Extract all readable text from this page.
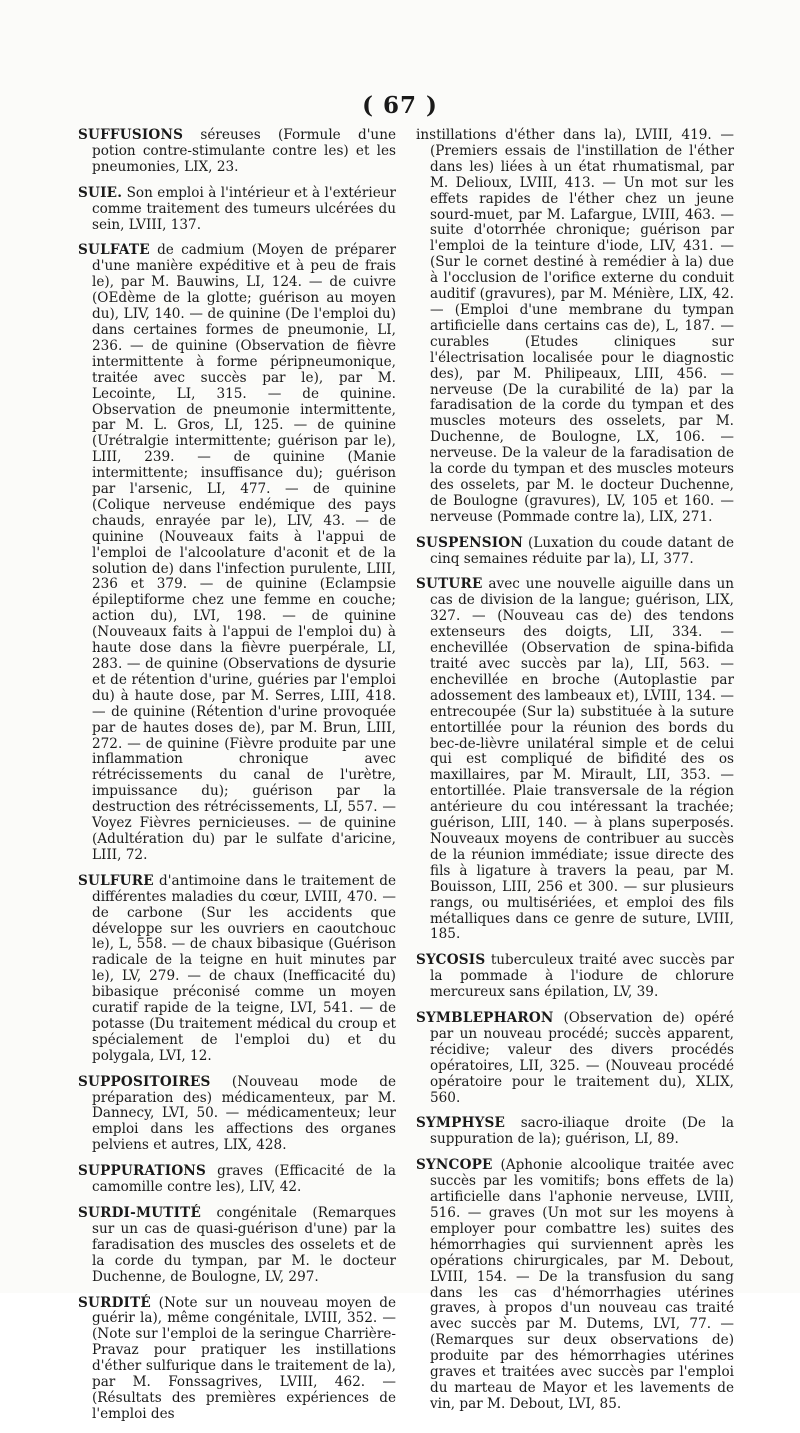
( 67 )

SUFFUSIONS séreuses (Formule d'une potion contre-stimulante contre les) et les pneumonies, LIX, 23.

SUIE. Son emploi à l'intérieur et à l'extérieur comme traitement des tumeurs ulcérées du sein, LVIII, 137.

SULFATE de cadmium (Moyen de préparer d'une manière expéditive et à peu de frais le), par M. Bauwins, LI, 124. — de cuivre (OEdème de la glotte; guérison au moyen du), LIV, 140. — de quinine (De l'emploi du) dans certaines formes de pneumonie, LI, 236. — de quinine (Observation de fièvre intermittente à forme péripneumonique, traitée avec succès par le), par M. Lecointe, LI, 315. — de quinine. Observation de pneumonie intermittente, par M. L. Gros, LI, 125. — de quinine (Urétralgie intermittente; guérison par le), LIII, 239. — de quinine (Manie intermittente; insuffisance du); guérison par l'arsenic, LI, 477. — de quinine (Colique nerveuse endémique des pays chauds, enrayée par le), LIV, 43. — de quinine (Nouveaux faits à l'appui de l'emploi de l'alcoolature d'aconit et de la solution de) dans l'infection purulente, LIII, 236 et 379. — de quinine (Eclampsie épileptiforme chez une femme en couche; action du), LVI, 198. — de quinine (Nouveaux faits à l'appui de l'emploi du) à haute dose dans la fièvre puerpérale, LI, 283. — de quinine (Observations de dysurie et de rétention d'urine, guéries par l'emploi du) à haute dose, par M. Serres, LIII, 418. — de quinine (Rétention d'urine provoquée par de hautes doses de), par M. Brun, LIII, 272. — de quinine (Fièvre produite par une inflammation chronique avec rétrécissements du canal de l'urètre, impuissance du); guérison par la destruction des rétrécissements, LI, 557. — Voyez Fièvres pernicieuses. — de quinine (Adultération du) par le sulfate d'aricine, LIII, 72.

SULFURE d'antimoine dans le traitement de différentes maladies du cœur, LVIII, 470. — de carbone (Sur les accidents que développe sur les ouvriers en caoutchouc le), L, 558. — de chaux bibasique (Guérison radicale de la teigne en huit minutes par le), LV, 279. — de chaux (Inefficacité du) bibasique préconisé comme un moyen curatif rapide de la teigne, LVI, 541. — de potasse (Du traitement médical du croup et spécialement de l'emploi du) et du polygala, LVI, 12.

SUPPOSITOIRES (Nouveau mode de préparation des) médicamenteux, par M. Dannecy, LVI, 50. — médicamenteux; leur emploi dans les affections des organes pelviens et autres, LIX, 428.

SUPPURATIONS graves (Efficacité de la camomille contre les), LIV, 42.

SURDI-MUTITÉ congénitale (Remarques sur un cas de quasi-guérison d'une) par la faradisation des muscles des osselets et de la corde du tympan, par M. le docteur Duchenne, de Boulogne, LV, 297.

SURDITÉ (Note sur un nouveau moyen de guérir la), même congénitale, LVIII, 352. — (Note sur l'emploi de la seringue Charrière-Pravaz pour pratiquer les instillations d'éther sulfurique dans le traitement de la), par M. Fonssagrives, LVIII, 462. — (Résultats des premières expériences de l'emploi des

instillations d'éther dans la), LVIII, 419. — (Premiers essais de l'instillation de l'éther dans les) liées à un état rhumatismal, par M. Delioux, LVIII, 413. — Un mot sur les effets rapides de l'éther chez un jeune sourd-muet, par M. Lafargue, LVIII, 463. — suite d'otorrhée chronique; guérison par l'emploi de la teinture d'iode, LIV, 431. — (Sur le cornet destiné à remédier à la) due à l'occlusion de l'orifice externe du conduit auditif (gravures), par M. Ménière, LIX, 42. — (Emploi d'une membrane du tympan artificielle dans certains cas de), L, 187. — curables (Etudes cliniques sur l'électrisation localisée pour le diagnostic des), par M. Philipeaux, LIII, 456. — nerveuse (De la curabilité de la) par la faradisation de la corde du tympan et des muscles moteurs des osselets, par M. Duchenne, de Boulogne, LX, 106. — nerveuse. De la valeur de la faradisation de la corde du tympan et des muscles moteurs des osselets, par M. le docteur Duchenne, de Boulogne (gravures), LV, 105 et 160. — nerveuse (Pommade contre la), LIX, 271.

SUSPENSION (Luxation du coude datant de cinq semaines réduite par la), LI, 377.

SUTURE avec une nouvelle aiguille dans un cas de division de la langue; guérison, LIX, 327. — (Nouveau cas de) des tendons extenseurs des doigts, LII, 334. — enchevillée (Observation de spina-bifida traité avec succès par la), LII, 563. — enchevillée en broche (Autoplastie par adossement des lambeaux et), LVIII, 134. — entrecoupée (Sur la) substituée à la suture entortillée pour la réunion des bords du bec-de-lièvre unilatéral simple et de celui qui est compliqué de bifidité des os maxillaires, par M. Mirault, LII, 353. — entortillée. Plaie transversale de la région antérieure du cou intéressant la trachée; guérison, LIII, 140. — à plans superposés. Nouveaux moyens de contribuer au succès de la réunion immédiate; issue directe des fils à ligature à travers la peau, par M. Bouisson, LIII, 256 et 300. — sur plusieurs rangs, ou multisériées, et emploi des fils métalliques dans ce genre de suture, LVIII, 185.

SYCOSIS tuberculeux traité avec succès par la pommade à l'iodure de chlorure mercureux sans épilation, LV, 39.

SYMBLEPHARON (Observation de) opéré par un nouveau procédé; succès apparent, récidive; valeur des divers procédés opératoires, LII, 325. — (Nouveau procédé opératoire pour le traitement du), XLIX, 560.

SYMPHYSE sacro-iliaque droite (De la suppuration de la); guérison, LI, 89.

SYNCOPE (Aphonie alcoolique traitée avec succès par les vomitifs; bons effets de la) artificielle dans l'aphonie nerveuse, LVIII, 516. — graves (Un mot sur les moyens à employer pour combattre les) suites des hémorrhagies qui surviennent après les opérations chirurgicales, par M. Debout, LVIII, 154. — De la transfusion du sang dans les cas d'hémorrhagies utérines graves, à propos d'un nouveau cas traité avec succès par M. Dutems, LVI, 77. — (Remarques sur deux observations de) produite par des hémorrhagies utérines graves et traitées avec succès par l'emploi du marteau de Mayor et les lavements de vin, par M. Debout, LVI, 85.
